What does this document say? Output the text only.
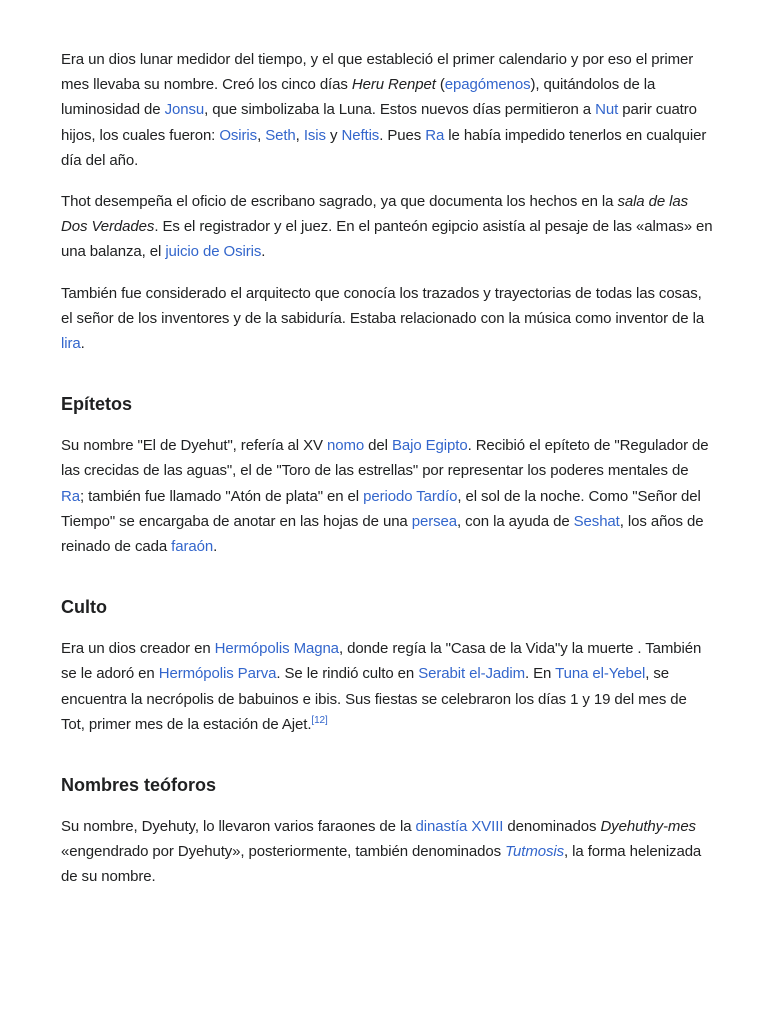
Era un dios lunar medidor del tiempo, y el que estableció el primer calendario y por eso el primer mes llevaba su nombre. Creó los cinco días Heru Renpet (epagómenos), quitándolos de la luminosidad de Jonsu, que simbolizaba la Luna. Estos nuevos días permitieron a Nut parir cuatro hijos, los cuales fueron: Osiris, Seth, Isis y Neftis. Pues Ra le había impedido tenerlos en cualquier día del año.

Thot desempeña el oficio de escribano sagrado, ya que documenta los hechos en la sala de las Dos Verdades. Es el registrador y el juez. En el panteón egipcio asistía al pesaje de las «almas» en una balanza, el juicio de Osiris.

También fue considerado el arquitecto que conocía los trazados y trayectorias de todas las cosas, el señor de los inventores y de la sabiduría. Estaba relacionado con la música como inventor de la lira.

Epítetos

Su nombre "El de Dyehut", refería al XV nomo del Bajo Egipto. Recibió el epíteto de "Regulador de las crecidas de las aguas", el de "Toro de las estrellas" por representar los poderes mentales de Ra; también fue llamado "Atón de plata" en el periodo Tardío, el sol de la noche. Como "Señor del Tiempo" se encargaba de anotar en las hojas de una persea, con la ayuda de Seshat, los años de reinado de cada faraón.

Culto

Era un dios creador en Hermópolis Magna, donde regía la "Casa de la Vida"y la muerte . También se le adoró en Hermópolis Parva. Se le rindió culto en Serabit el-Jadim. En Tuna el-Yebel, se encuentra la necrópolis de babuinos e ibis. Sus fiestas se celebraron los días 1 y 19 del mes de Tot, primer mes de la estación de Ajet.[12]

Nombres teóforos

Su nombre, Dyehuty, lo llevaron varios faraones de la dinastía XVIII denominados Dyehuthy-mes «engendrado por Dyehuty», posteriormente, también denominados Tutmosis, la forma helenizada de su nombre.
